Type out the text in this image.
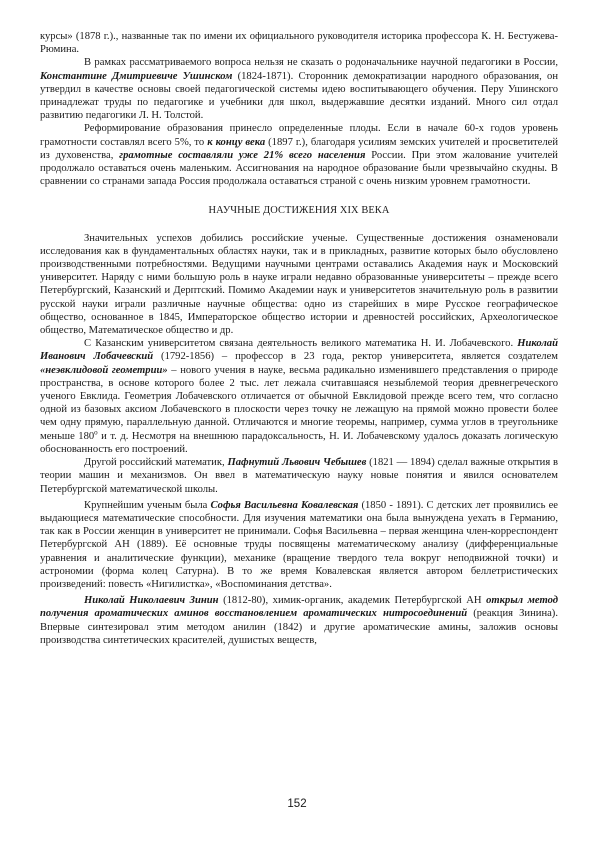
курсы» (1878 г.)., названные так по имени их официального руководителя историка профессора К. Н. Бестужева-Рюмина.

В рамках рассматриваемого вопроса нельзя не сказать о родоначальнике научной педагогики в России, Константине Дмитриевиче Ушинском (1824-1871). Сторонник демократизации народного образования, он утвердил в качестве основы своей педагогической системы идею воспитывающего обучения. Перу Ушинского принадлежат труды по педагогике и учебники для школ, выдержавшие десятки изданий. Много сил отдал развитию педагогики Л. Н. Толстой.

Реформирование образования принесло определенные плоды. Если в начале 60-х годов уровень грамотности составлял всего 5%, то к концу века (1897 г.), благодаря усилиям земских учителей и просветителей из духовенства, грамотные составляли уже 21% всего населения России. При этом жалование учителей продолжало оставаться очень маленьким. Ассигнования на народное образование были чрезвычайно скудны. В сравнении со странами запада Россия продолжала оставаться страной с очень низким уровнем грамотности.

НАУЧНЫЕ ДОСТИЖЕНИЯ XIX ВЕКА

Значительных успехов добились российские ученые. Существенные достижения ознаменовали исследования как в фундаментальных областях науки, так и в прикладных, развитие которых было обусловлено производственными потребностями. Ведущими научными центрами оставались Академия наук и Московский университет. Наряду с ними большую роль в науке играли недавно образованные университеты – прежде всего Петербургский, Казанский и Дерптский. Помимо Академии наук и университетов значительную роль в развитии русской науки играли различные научные общества: одно из старейших в мире Русское географическое общество, основанное в 1845, Императорское общество истории и древностей российских, Археологическое общество, Математическое общество и др.

С Казанским университетом связана деятельность великого математика Н. И. Лобачевского. Николай Иванович Лобачевский (1792-1856) – профессор в 23 года, ректор университета, является создателем «неэвклидовой геометрии» – нового учения в науке, весьма радикально изменившего представления о природе пространства, в основе которого более 2 тыс. лет лежала считавшаяся незыблемой теория древнегреческого ученого Евклида. Геометрия Лобачевского отличается от обычной Евклидовой прежде всего тем, что согласно одной из базовых аксиом Лобачевского в плоскости через точку не лежащую на прямой можно провести более чем одну прямую, параллельную данной. Отличаются и многие теоремы, например, сумма углов в треугольнике меньше $180^о$ и т. д. Несмотря на внешнюю парадоксальность, Н. И. Лобачевскому удалось доказать логическую обоснованность его построений.

Другой российский математик, Пафнутий Львович Чебышев (1821 — 1894) сделал важные открытия в теории машин и механизмов. Он ввел в математическую науку новые понятия и явился основателем Петербургской математической школы.

Крупнейшим ученым была Софья Васильевна Ковалевская (1850 - 1891). С детских лет проявились ее выдающиеся математические способности. Для изучения математики она была вынуждена уехать в Германию, так как в России женщин в университет не принимали. Софья Васильевна – первая женщина член-корреспондент Петербургской АН (1889). Её основные труды посвящены математическому анализу (дифференциальные уравнения и аналитические функции), механике (вращение твердого тела вокруг неподвижной точки) и астрономии (форма колец Сатурна). В то же время Ковалевская является автором беллетристических произведений: повесть «Нигилистка», «Воспоминания детства».

Николай Николаевич Зинин (1812-80), химик-органик, академик Петербургской АН открыл метод получения ароматических аминов восстановлением ароматических нитросоединений (реакция Зинина). Впервые синтезировал этим методом анилин (1842) и другие ароматические амины, заложив основы производства синтетических красителей, душистых веществ,

152
